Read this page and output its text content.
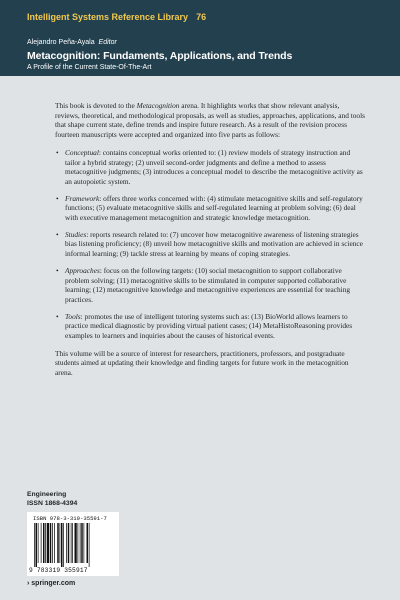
Intelligent Systems Reference Library 76
Alejandro Peña-Ayala Editor
Metacognition: Fundaments, Applications, and Trends
A Profile of the Current State-Of-The-Art

This book is devoted to the Metacognition arena. It highlights works that show relevant analysis, reviews, theoretical, and methodological proposals, as well as studies, approaches, applications, and tools that shape current state, define trends and inspire future research. As a result of the revision process fourteen manuscripts were accepted and organized into five parts as follows:

• Conceptual: contains conceptual works oriented to: (1) review models of strategy instruction and tailor a hybrid strategy; (2) unveil second-order judgments and define a method to assess metacognitive judgments; (3) introduces a conceptual model to describe the metacognitive activity as an autopoietic system.
• Framework: offers three works concerned with: (4) stimulate metacognitive skills and self-regulatory functions; (5) evaluate metacognitive skills and self-regulated learning at problem solving; (6) deal with executive management metacognition and strategic knowledge metacognition.
• Studies: reports research related to: (7) uncover how metacognitive awareness of listening strategies bias listening proficiency; (8) unveil how metacognitive skills and motivation are achieved in science informal learning; (9) tackle stress at learning by means of coping strategies.
• Approaches: focus on the following targets: (10) social metacognition to support collaborative problem solving; (11) metacognitive skills to be stimulated in computer supported collaborative learning; (12) metacognitive knowledge and metacognitive experiences are essential for teaching practices.
• Tools: promotes the use of intelligent tutoring systems such as: (13) BioWorld allows learners to practice medical diagnostic by providing virtual patient cases; (14) MetaHistoReasoning provides examples to learners and inquiries about the causes of historical events.

This volume will be a source of interest for researchers, practitioners, professors, and postgraduate students aimed at updating their knowledge and finding targets for future work in the metacognition arena.

Engineering
ISSN 1868-4394
ISBN 978-3-319-35591-7
9 783319 355917
› springer.com
